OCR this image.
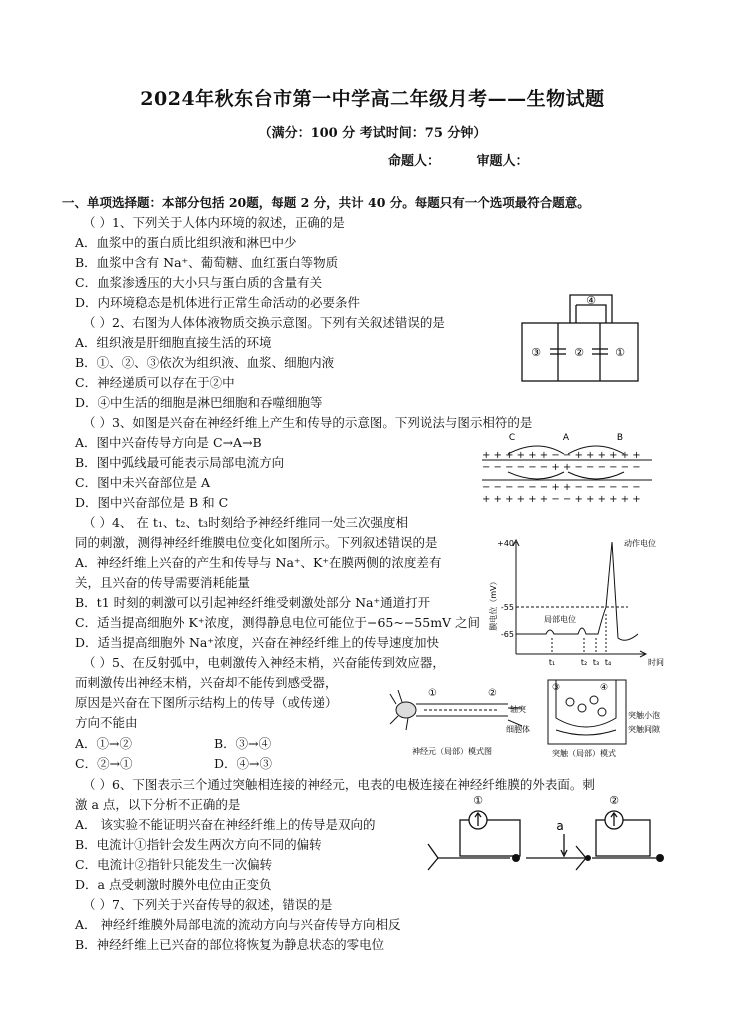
2024年秋东台市第一中学高二年级月考——生物试题
（满分：100 分 考试时间：75 分钟）
命题人：	审题人：
一、单项选择题：本部分包括 20题，每题 2 分，共计 40 分。每题只有一个选项最符合题意。
（ ）1、下列关于人体内环境的叙述，正确的是
A．血浆中的蛋白质比组织液和淋巴中少
B．血浆中含有 Na⁺、葡萄糖、血红蛋白等物质
C．血浆渗透压的大小只与蛋白质的含量有关
D．内环境稳态是机体进行正常生命活动的必要条件
（ ）2、右图为人体体液物质交换示意图。下列有关叙述错误的是
A．组织液是肝细胞直接生活的环境
B．①、②、③依次为组织液、血浆、细胞内液
C．神经递质可以存在于②中
D．④中生活的细胞是淋巴细胞和吞噬细胞等
（ ）3、如图是兴奋在神经纤维上产生和传导的示意图。下列说法与图示相符的是
A．图中兴奋传导方向是 C→A→B
B．图中弧线最可能表示局部电流方向
C．图中未兴奋部位是 A
D．图中兴奋部位是 B 和 C
（ ）4、 在 t₁、t₂、t₃时刻给予神经纤维同一处三次强度相
同的刺激，测得神经纤维膜电位变化如图所示。下列叙述错误的是
A．神经纤维上兴奋的产生和传导与 Na⁺、K⁺在膜两侧的浓度差有
关，且兴奋的传导需要消耗能量
B．t1 时刻的刺激可以引起神经纤维受刺激处部分 Na⁺通道打开
C．适当提高细胞外 K⁺浓度，测得静息电位可能位于−65~−55mV 之间
D．适当提高细胞外 Na⁺浓度，兴奋在神经纤维上的传导速度加快
（ ）5、在反射弧中，电刺激传入神经末梢，兴奋能传到效应器，
而刺激传出神经末梢，兴奋却不能传到感受器，
原因是兴奋在下图所示结构上的传导（或传递）
方向不能由
A．①→②	B．③→④
C．②→①	D．④→③
（ ）6、下图表示三个通过突触相连接的神经元，电表的电极连接在神经纤维膜的外表面。刺
激 a 点，以下分析不正确的是
A． 该实验不能证明兴奋在神经纤维上的传导是双向的
B．电流计①指针会发生两次方向不同的偏转
C．电流计②指针只能发生一次偏转
D．a 点受刺激时膜外电位由正变负
（ ）7、下列关于兴奋传导的叙述，错误的是
A． 神经纤维膜外局部电流的流动方向与兴奋传导方向相反
B．神经纤维上已兴奋的部位将恢复为静息状态的零电位
④
③	②	①
C	A	B
+ + + + + + − − + + + + + +
− − − − − − + + − − − − − −
− − − − − − + + − − − − − −
+ + + + + + − − + + + + + +
膜电位（mV）
+40
-55
-65
动作电位
局部电位
t₁	t₂ t₃ t₄	时间
①	②
轴突
细胞体
神经元（局部）模式图
③	④
突触小泡
突触间隙
突触（局部）模式
①	②
a
